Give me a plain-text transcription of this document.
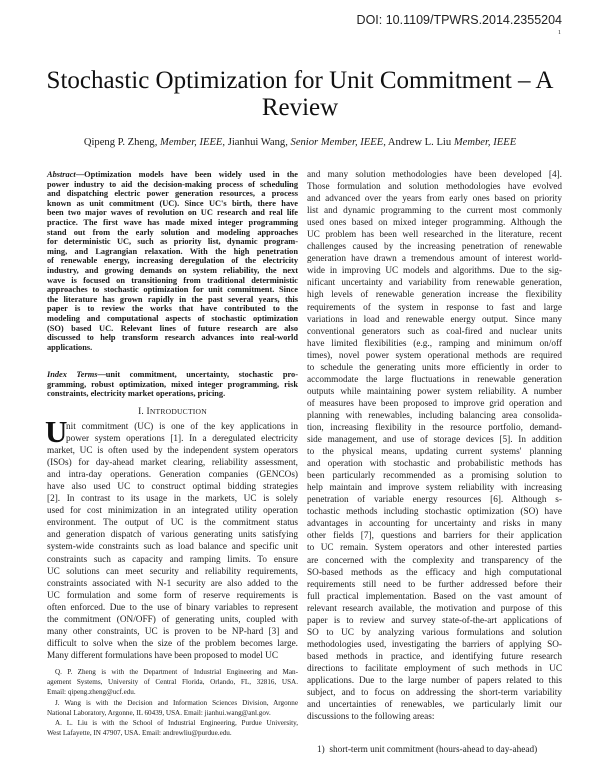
DOI: 10.1109/TPWRS.2014.2355204
1
Stochastic Optimization for Unit Commitment – A
Review
Qipeng P. Zheng, Member, IEEE, Jianhui Wang, Senior Member, IEEE, Andrew L. Liu Member, IEEE
Abstract—Optimization models have been widely used in the
power industry to aid the decision-making process of scheduling
and dispatching electric power generation resources, a process
known as unit commitment (UC). Since UC's birth, there have
been two major waves of revolution on UC research and real life
practice. The first wave has made mixed integer programming
stand out from the early solution and modeling approaches
for deterministic UC, such as priority list, dynamic program-
ming, and Lagrangian relaxation. With the high penetration
of renewable energy, increasing deregulation of the electricity
industry, and growing demands on system reliability, the next
wave is focused on transitioning from traditional deterministic
approaches to stochastic optimization for unit commitment. Since
the literature has grown rapidly in the past several years, this
paper is to review the works that have contributed to the
modeling and computational aspects of stochastic optimization
(SO) based UC. Relevant lines of future research are also
discussed to help transform research advances into real-world
applications.
Index Terms—unit commitment, uncertainty, stochastic pro-
gramming, robust optimization, mixed integer programming, risk
constraints, electricity market operations, pricing.
I. INTRODUCTION
U
nit commitment (UC) is one of the key applications in
power system operations [1]. In a deregulated electricity
market, UC is often used by the independent system operators
(ISOs) for day-ahead market clearing, reliability assessment,
and intra-day operations. Generation companies (GENCOs)
have also used UC to construct optimal bidding strategies
[2]. In contrast to its usage in the markets, UC is solely
used for cost minimization in an integrated utility operation
environment. The output of UC is the commitment status
and generation dispatch of various generating units satisfying
system-wide constraints such as load balance and specific unit
constraints such as capacity and ramping limits. To ensure
UC solutions can meet security and reliability requirements,
constraints associated with N-1 security are also added to the
UC formulation and some form of reserve requirements is
often enforced. Due to the use of binary variables to represent
the commitment (ON/OFF) of generating units, coupled with
many other constraints, UC is proven to be NP-hard [3] and
difficult to solve when the size of the problem becomes large.
Many different formulations have been proposed to model UC
Q. P. Zheng is with the Department of Industrial Engineering and Man-
agement Systems, University of Central Florida, Orlando, FL, 32816, USA.
Email: qipeng.zheng@ucf.edu.
J. Wang is with the Decision and Information Sciences Division, Argonne
National Laboratory, Argonne, IL 60439, USA. Email: jianhui.wang@anl.gov.
A. L. Liu is with the School of Industrial Engineering, Purdue University,
West Lafayette, IN 47907, USA. Email: andrewliu@purdue.edu.
and many solution methodologies have been developed [4].
Those formulation and solution methodologies have evolved
and advanced over the years from early ones based on priority
list and dynamic programming to the current most commonly
used ones based on mixed integer programming. Although the
UC problem has been well researched in the literature, recent
challenges caused by the increasing penetration of renewable
generation have drawn a tremendous amount of interest world-
wide in improving UC models and algorithms. Due to the sig-
nificant uncertainty and variability from renewable generation,
high levels of renewable generation increase the flexibility
requirements of the system in response to fast and large
variations in load and renewable energy output. Since many
conventional generators such as coal-fired and nuclear units
have limited flexibilities (e.g., ramping and minimum on/off
times), novel power system operational methods are required
to schedule the generating units more efficiently in order to
accommodate the large fluctuations in renewable generation
outputs while maintaining power system reliability. A number
of measures have been proposed to improve grid operation and
planning with renewables, including balancing area consolida-
tion, increasing flexibility in the resource portfolio, demand-
side management, and use of storage devices [5]. In addition
to the physical means, updating current systems' planning
and operation with stochastic and probabilistic methods has
been particularly recommended as a promising solution to
help maintain and improve system reliability with increasing
penetration of variable energy resources [6]. Although s-
tochastic methods including stochastic optimization (SO) have
advantages in accounting for uncertainty and risks in many
other fields [7], questions and barriers for their application
to UC remain. System operators and other interested parties
are concerned with the complexity and transparency of the
SO-based methods as the efficacy and high computational
requirements still need to be further addressed before their
full practical implementation. Based on the vast amount of
relevant research available, the motivation and purpose of this
paper is to review and survey state-of-the-art applications of
SO to UC by analyzing various formulations and solution
methodologies used, investigating the barriers of applying SO-
based methods in practice, and identifying future research
directions to facilitate employment of such methods in UC
applications. Due to the large number of papers related to this
subject, and to focus on addressing the short-term variability
and uncertainties of renewables, we particularly limit our
discussions to the following areas:
1) short-term unit commitment (hours-ahead to day-ahead)
